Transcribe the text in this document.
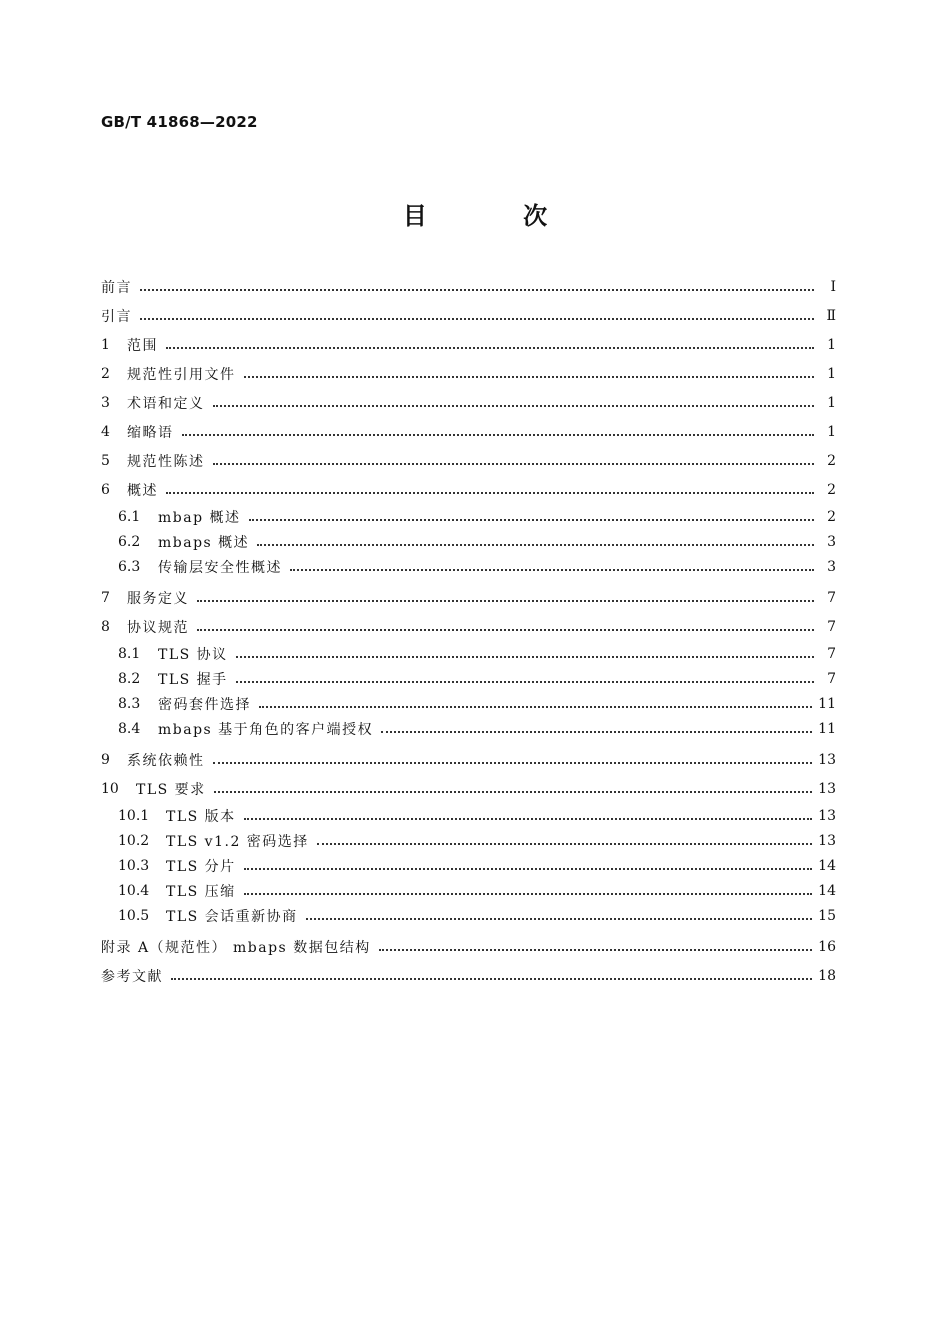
GB/T 41868—2022
目 次
前言	Ⅰ
引言	Ⅱ
1	范围	1
2	规范性引用文件	1
3	术语和定义	1
4	缩略语	1
5	规范性陈述	2
6	概述	2
6.1	mbap 概述	2
6.2	mbaps 概述	3
6.3	传输层安全性概述	3
7	服务定义	7
8	协议规范	7
8.1	TLS 协议	7
8.2	TLS 握手	7
8.3	密码套件选择	11
8.4	mbaps 基于角色的客户端授权	11
9	系统依赖性	13
10	TLS 要求	13
10.1	TLS 版本	13
10.2	TLS v1.2 密码选择	13
10.3	TLS 分片	14
10.4	TLS 压缩	14
10.5	TLS 会话重新协商	15
附录 A（规范性） mbaps 数据包结构	16
参考文献	18
